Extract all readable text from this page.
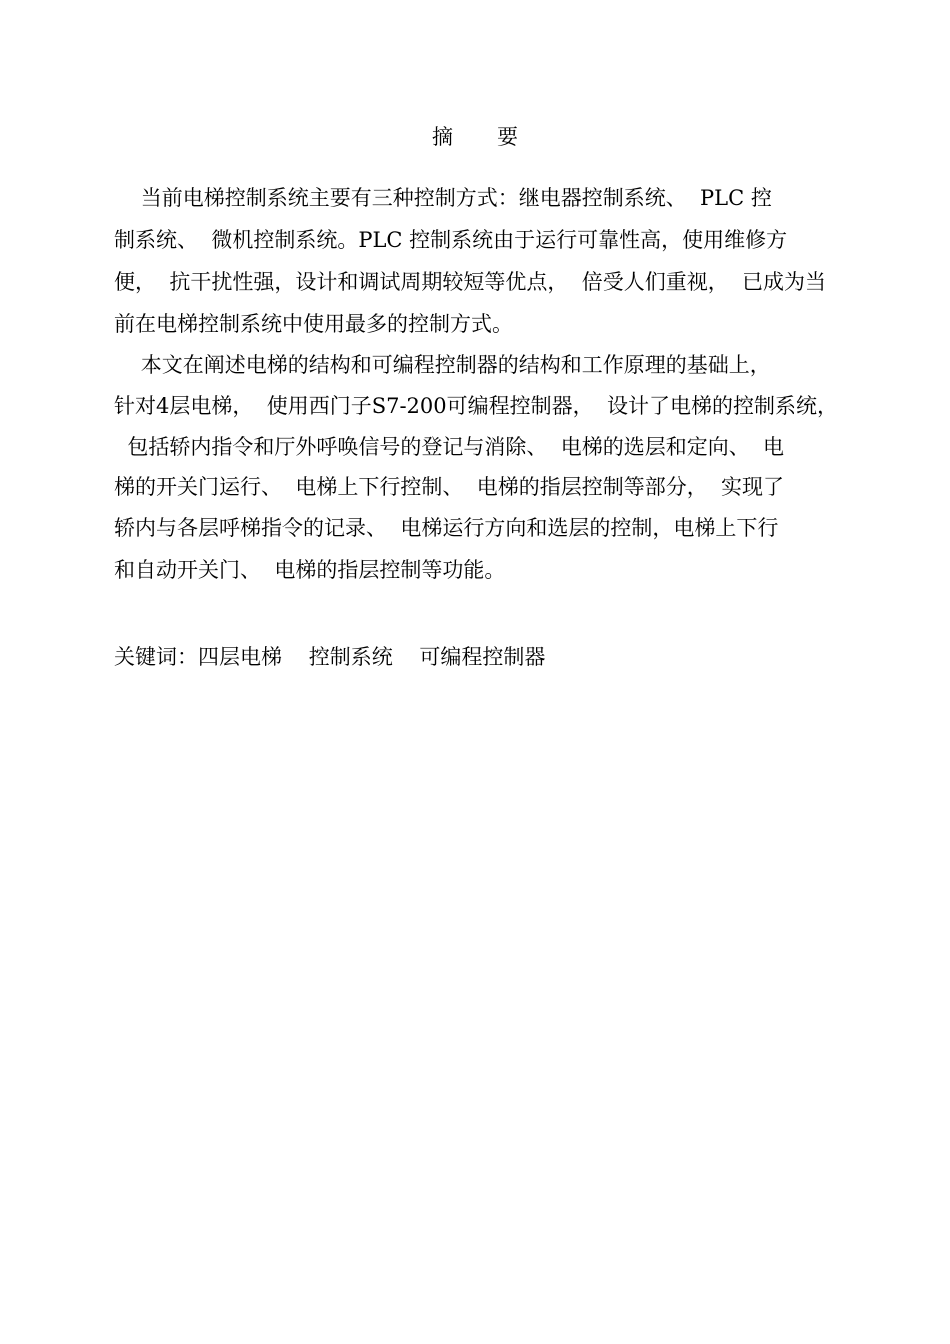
摘要
当前电梯控制系统主要有三种控制方式：继电器控制系统、  PLC 控
制系统、  微机控制系统。PLC 控制系统由于运行可靠性高，使用维修方
便，  抗干扰性强，设计和调试周期较短等优点，  倍受人们重视，  已成为当
前在电梯控制系统中使用最多的控制方式。
本文在阐述电梯的结构和可编程控制器的结构和工作原理的基础上，
针对4层电梯，  使用西门子S7-200可编程控制器，  设计了电梯的控制系统，
包括轿内指令和厅外呼唤信号的登记与消除、  电梯的选层和定向、  电
梯的开关门运行、  电梯上下行控制、  电梯的指层控制等部分，  实现了
轿内与各层呼梯指令的记录、  电梯运行方向和选层的控制，电梯上下行
和自动开关门、  电梯的指层控制等功能。
关键词：四层电梯    控制系统    可编程控制器
